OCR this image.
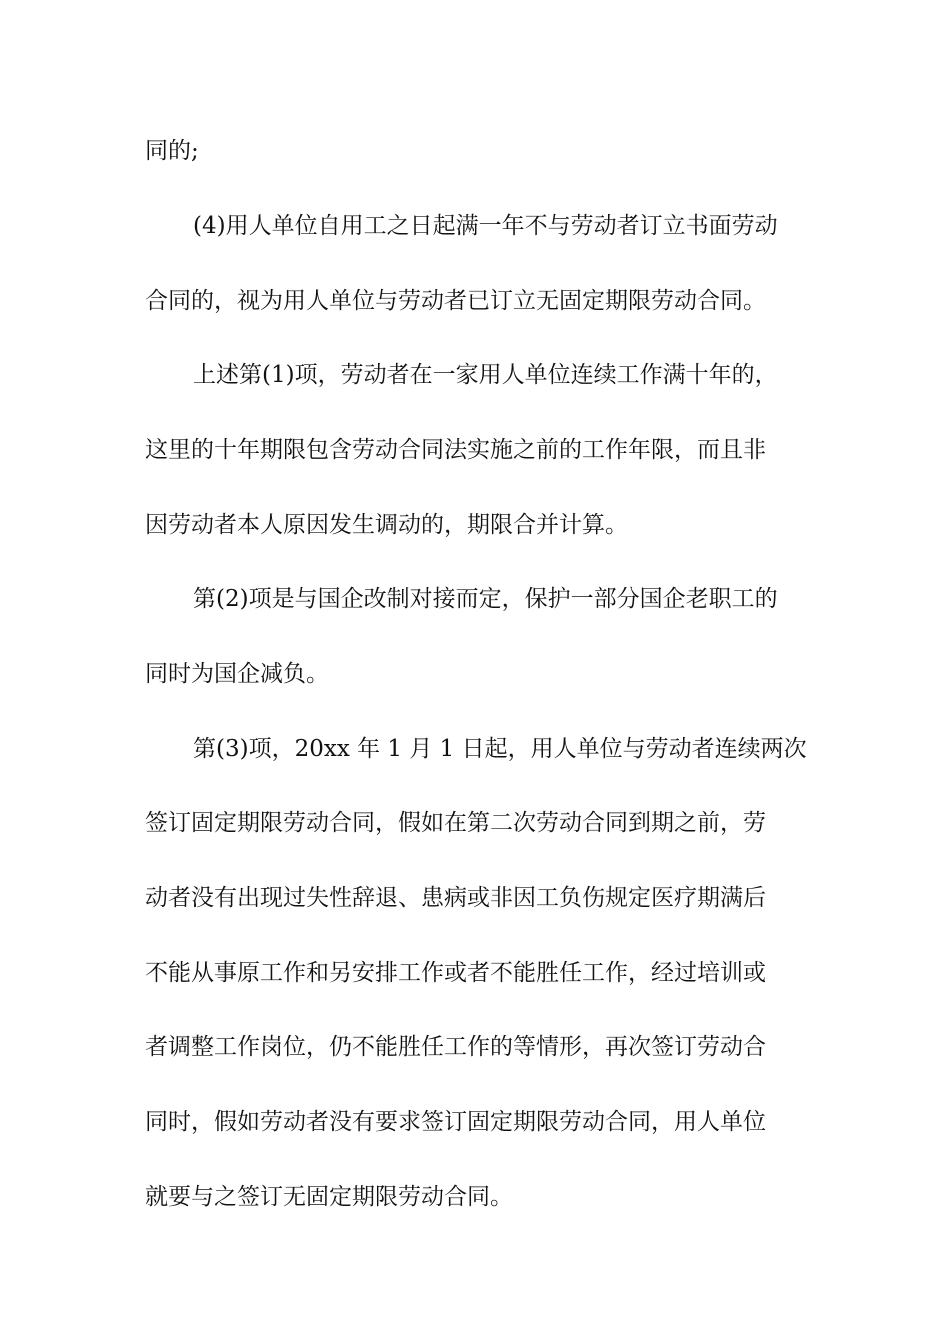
同的;
(4)用人单位自用工之日起满一年不与劳动者订立书面劳动
合同的，视为用人单位与劳动者已订立无固定期限劳动合同。
上述第(1)项，劳动者在一家用人单位连续工作满十年的，
这里的十年期限包含劳动合同法实施之前的工作年限，而且非
因劳动者本人原因发生调动的，期限合并计算。
第(2)项是与国企改制对接而定，保护一部分国企老职工的
同时为国企减负。
第(3)项，20xx 年 1 月 1 日起，用人单位与劳动者连续两次
签订固定期限劳动合同，假如在第二次劳动合同到期之前，劳
动者没有出现过失性辞退、患病或非因工负伤规定医疗期满后
不能从事原工作和另安排工作或者不能胜任工作，经过培训或
者调整工作岗位，仍不能胜任工作的等情形，再次签订劳动合
同时，假如劳动者没有要求签订固定期限劳动合同，用人单位
就要与之签订无固定期限劳动合同。
